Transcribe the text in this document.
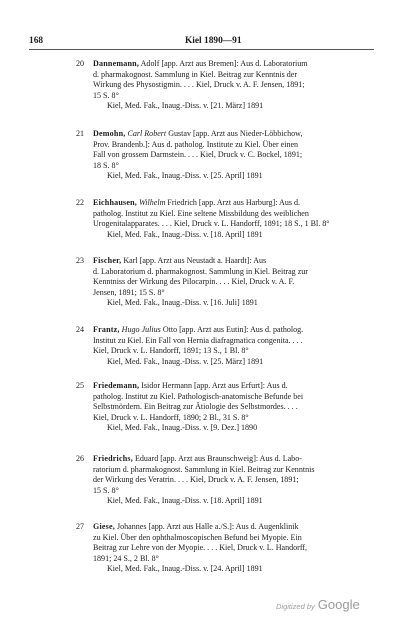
168	Kiel 1890—91
20 Dannemann, Adolf [app. Arzt aus Bremen]: Aus d. Laboratorium
d. pharmakognost. Sammlung in Kiel. Beitrag zur Kenntnis der
Wirkung des Physostigmin. . . . Kiel, Druck v. A. F. Jensen, 1891;
15 S. 8°
Kiel, Med. Fak., Inaug.-Diss. v. [21. März] 1891
21 Demohn, Carl Robert Gustav [app. Arzt aus Nieder-Löbbichow,
Prov. Brandenb.]: Aus d. patholog. Institute zu Kiel. Über einen
Fall von grossem Darmstein. . . . Kiel, Druck v. C. Bockel, 1891;
18 S. 8°
Kiel, Med. Fak., Inaug.-Diss. v. [25. April] 1891
22 Eichhausen, Wilhelm Friedrich [app. Arzt aus Harburg]: Aus d.
patholog. Institut zu Kiel. Eine seltene Missbildung des weiblichen
Urogenitalapparates. . . . Kiel, Druck v. L. Handorff, 1891; 18 S., 1 Bl. 8°
Kiel, Med. Fak., Inaug.-Diss. v. [18. April] 1891
23 Fischer, Karl [app. Arzt aus Neustadt a. Haardt]: Aus
d. Laboratorium d. pharmakognost. Sammlung in Kiel. Beitrag zur
Kenntniss der Wirkung des Pilocarpin. . . . Kiel, Druck v. A. F.
Jensen, 1891; 15 S. 8°
Kiel, Med. Fak., Inaug.-Diss. v. [16. Juli] 1891
24 Frantz, Hugo Julius Otto [app. Arzt aus Eutin]: Aus d. patholog.
Institut zu Kiel. Ein Fall von Hernia diafragmatica congenita. . . .
Kiel, Druck v. L. Handorff, 1891; 13 S., 1 Bl. 8°
Kiel, Med. Fak., Inaug.-Diss. v. [25. März] 1891
25 Friedemann, Isidor Hermann [app. Arzt aus Erfurt]: Aus d.
patholog. Institut zu Kiel. Pathologisch-anatomische Befunde bei
Selbstmördern. Ein Beitrag zur Ätiologie des Selbstmordes. . . .
Kiel, Druck v. L. Handorff, 1890; 2 Bl., 31 S. 8°
Kiel, Med. Fak., Inaug.-Diss. v. [9. Dez.] 1890
26 Friedrichs, Eduard [app. Arzt aus Braunschweig]: Aus d. Labo-
ratorium d. pharmakognost. Sammlung in Kiel. Beitrag zur Kenntnis
der Wirkung des Veratrin. . . . Kiel, Druck v. A. F. Jensen, 1891;
15 S. 8°
Kiel, Med. Fak., Inaug.-Diss. v. [18. April] 1891
27 Giese, Johannes [app. Arzt aus Halle a./S.]: Aus d. Augenklinik
zu Kiel. Über den ophthalmoscopischen Befund bei Myopie. Ein
Beitrag zur Lehre von der Myopie. . . . Kiel, Druck v. L. Handorff,
1891; 24 S., 2 Bl. 8°
Kiel, Med. Fak., Inaug.-Diss. v. [24. April] 1891
Digitized by Google
